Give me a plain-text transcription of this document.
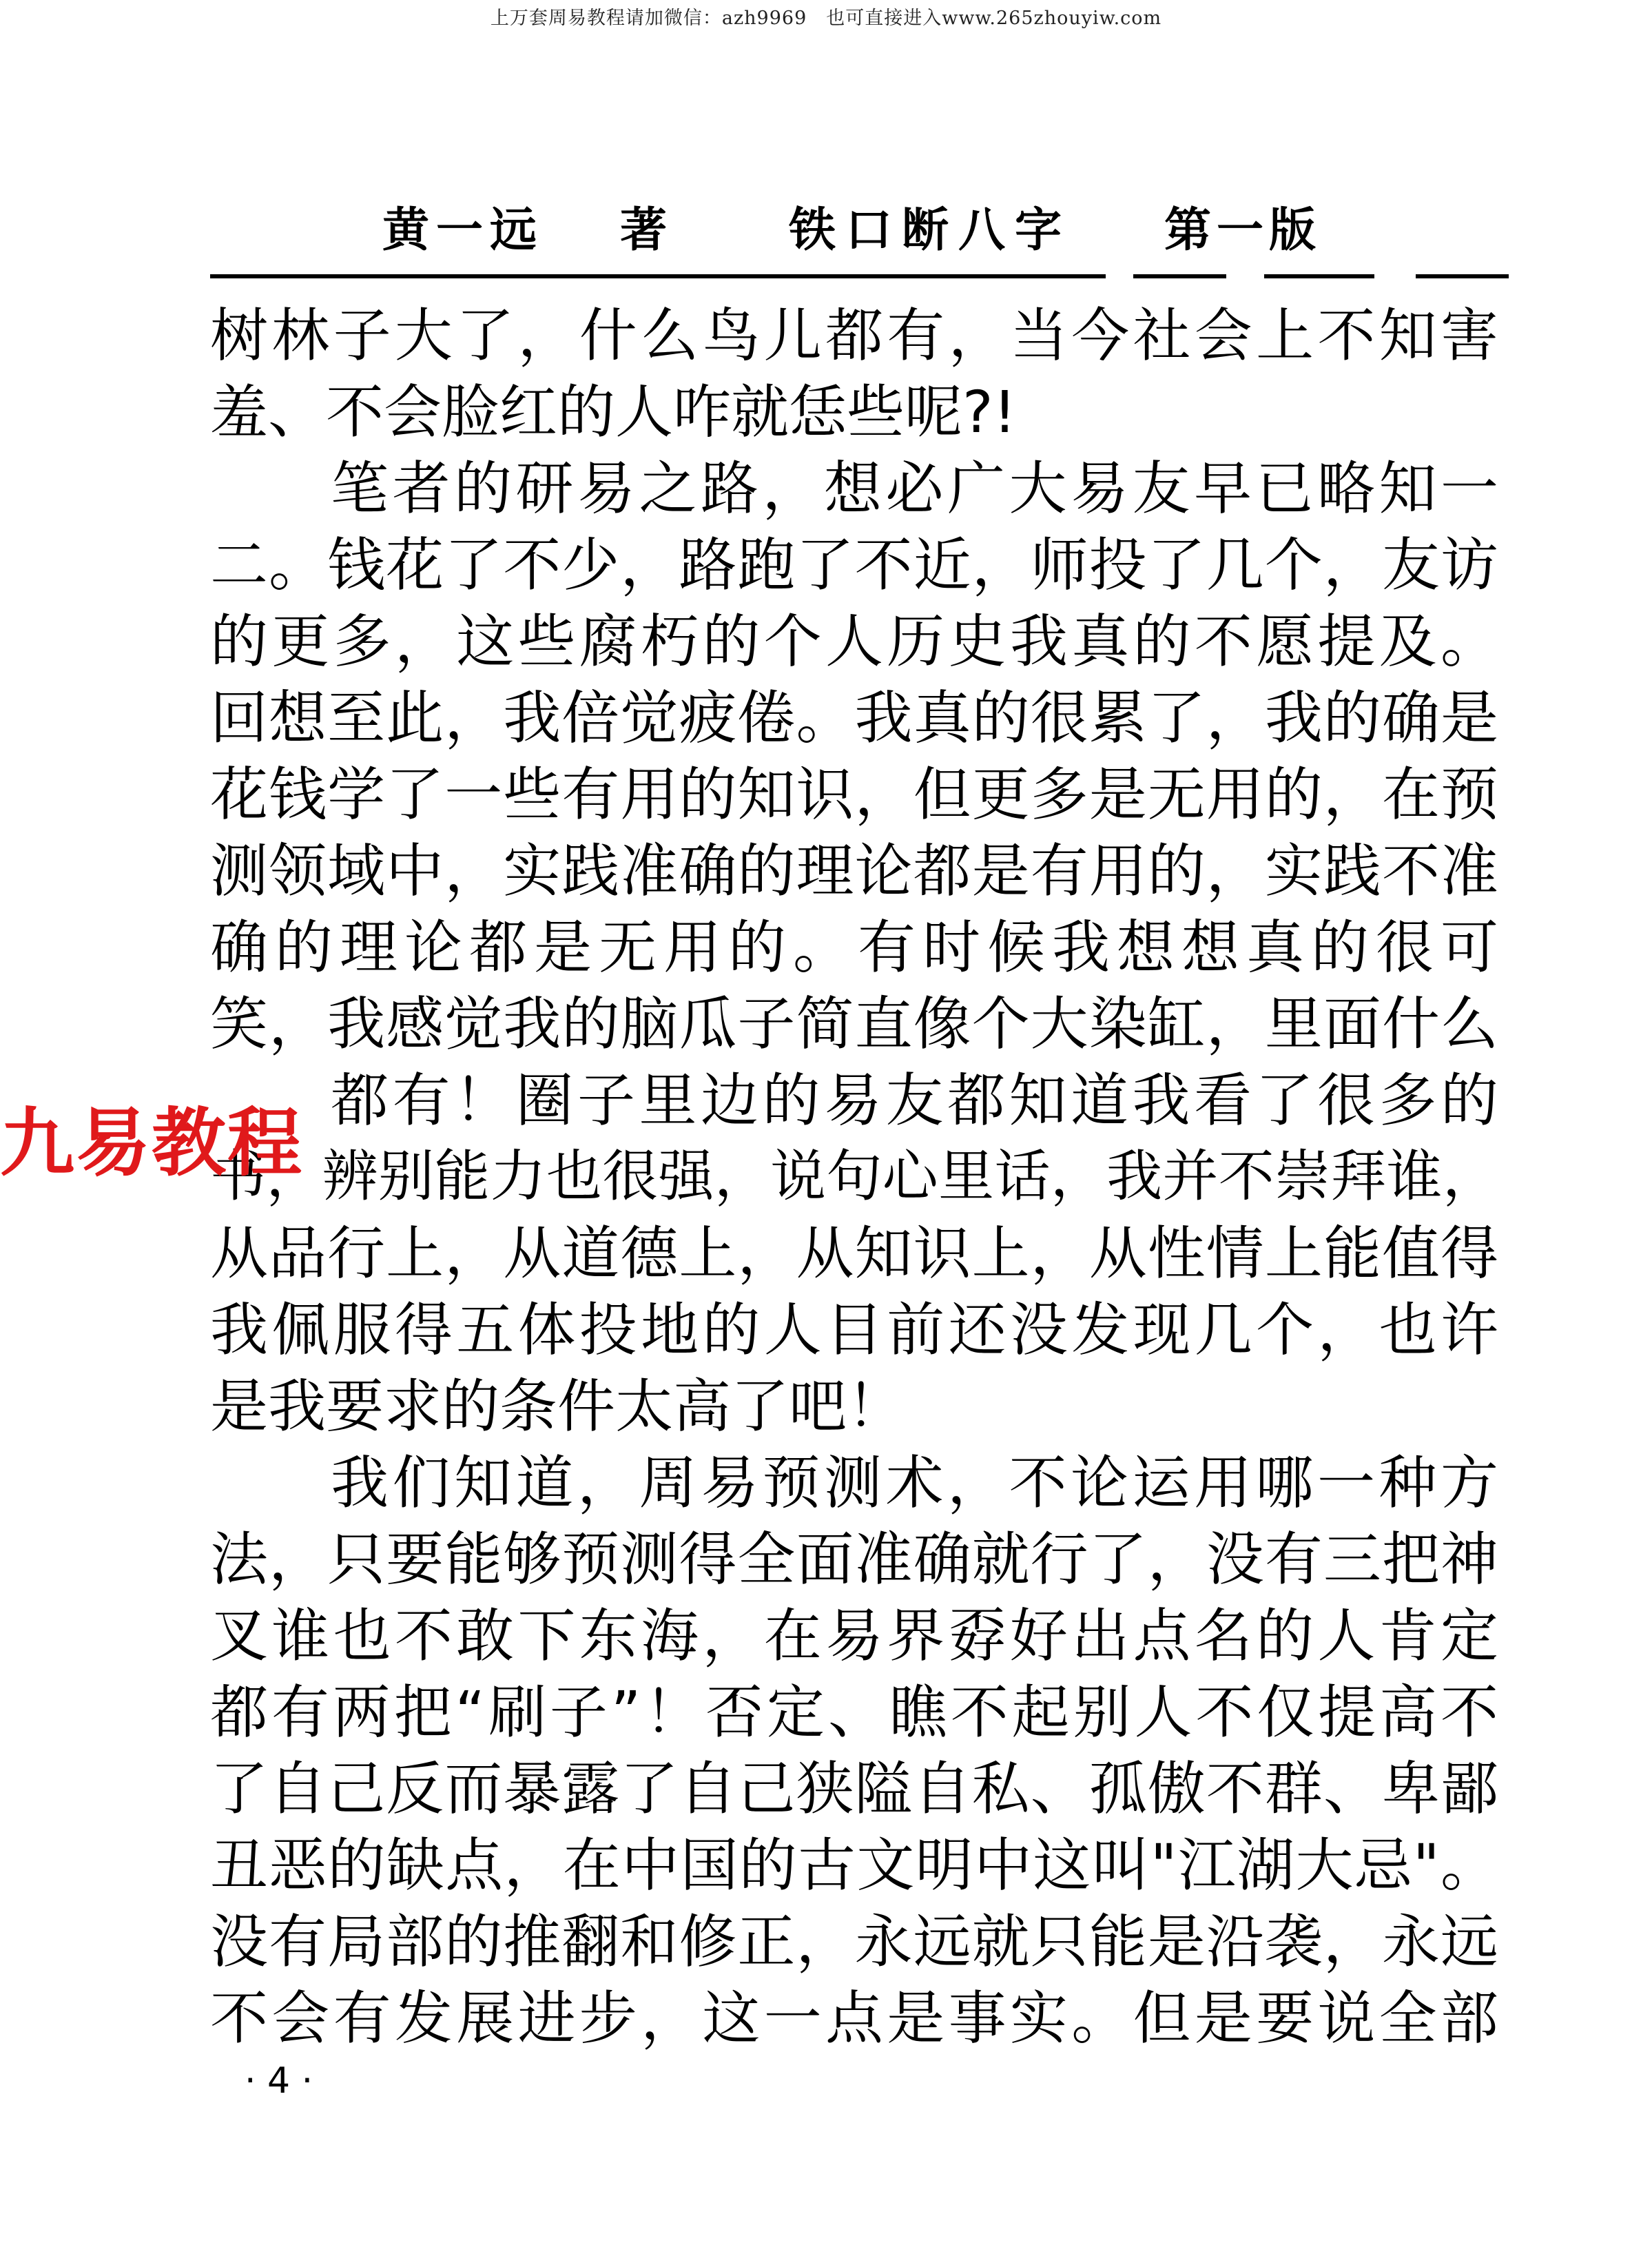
上万套周易教程请加微信：azh9969　也可直接进入www.265zhouyiw.com
黄一远 著	铁口断八字 第一版
树林子大了，什么鸟儿都有，当今社会上不知害
羞、不会脸红的人咋就恁些呢?!
笔者的研易之路，想必广大易友早已略知一
二。钱花了不少，路跑了不近，师投了几个，友访
的更多，这些腐朽的个人历史我真的不愿提及。
回想至此，我倍觉疲倦。我真的很累了，我的确是
花钱学了一些有用的知识，但更多是无用的，在预
测领域中，实践准确的理论都是有用的，实践不准
确的理论都是无用的。有时候我想想真的很可
笑，我感觉我的脑瓜子简直像个大染缸，里面什么
都有！圈子里边的易友都知道我看了很多的
书，辨别能力也很强，说句心里话，我并不崇拜谁，
从品行上，从道德上，从知识上，从性情上能值得
我佩服得五体投地的人目前还没发现几个，也许
是我要求的条件太高了吧！
我们知道，周易预测术，不论运用哪一种方
法，只要能够预测得全面准确就行了，没有三把神
叉谁也不敢下东海，在易界孬好出点名的人肯定
都有两把“刷子”！否定、瞧不起别人不仅提高不
了自己反而暴露了自己狭隘自私、孤傲不群、卑鄙
丑恶的缺点，在中国的古文明中这叫"江湖大忌"。
没有局部的推翻和修正，永远就只能是沿袭，永远
不会有发展进步，这一点是事实。但是要说全部
九易教程
· 4 ·
